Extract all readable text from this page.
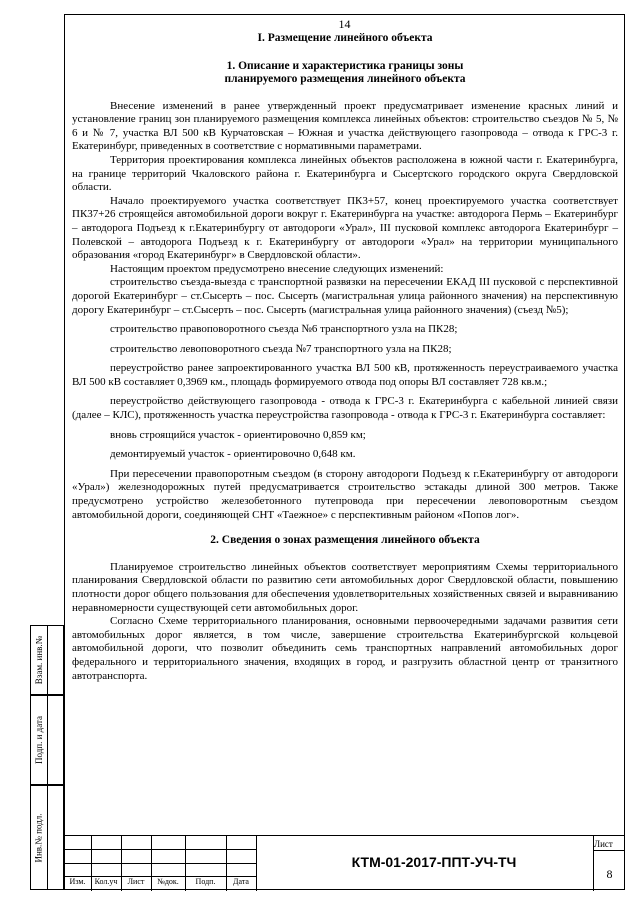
14
I. Размещение линейного объекта
1. Описание и характеристика границы зоны планируемого размещения линейного объекта

Внесение изменений в ранее утвержденный проект предусматривает изменение красных линий и установление границ зон планируемого размещения комплекса линейных объектов: строительство съездов № 5, № 6 и № 7, участка ВЛ 500 кВ Курчатовская – Южная и участка действующего газопровода – отвода к ГРС-3 г. Екатеринбург, приведенных в соответствие с нормативными параметрами.

Территория проектирования комплекса линейных объектов расположена в южной части г. Екатеринбурга, на границе территорий Чкаловского района г. Екатеринбурга и Сысертского городского округа Свердловской области.

Начало проектируемого участка соответствует ПК3+57, конец проектируемого участка соответствует ПК37+26 строящейся автомобильной дороги вокруг г. Екатеринбурга на участке: автодорога Пермь – Екатеринбург – автодорога Подъезд к г.Екатеринбургу от автодороги «Урал», III пусковой комплекс автодорога Екатеринбург – Полевской – автодорога Подъезд к г. Екатеринбургу от автодороги «Урал» на территории муниципального образования «город Екатеринбург» в Свердловской области».

Настоящим проектом предусмотрено внесение следующих изменений:

строительство съезда-выезда с транспортной развязки на пересечении ЕКАД III пусковой с перспективной дорогой Екатеринбург – ст.Сысерть – пос. Сысерть (магистральная улица районного значения) на перспективную дорогу Екатеринбург – ст.Сысерть – пос. Сысерть (магистральная улица районного значения) (съезд №5);

строительство правоповоротного съезда №6 транспортного узла на ПК28;

строительство левоповоротного съезда №7 транспортного узла на ПК28;

переустройство ранее запроектированного участка ВЛ 500 кВ, протяженность переустраиваемого участка ВЛ 500 кВ составляет 0,3969 км., площадь формируемого отвода под опоры ВЛ составляет 728 кв.м.;

переустройство действующего газопровода - отвода к ГРС-3 г. Екатеринбурга с кабельной линией связи (далее – КЛС), протяженность участка переустройства газопровода - отвода к ГРС-3 г. Екатеринбурга составляет:

вновь строящийся участок - ориентировочно 0,859 км;

демонтируемый участок - ориентировочно 0,648 км.

При пересечении правопоротным съездом (в сторону автодороги Подъезд к г.Екатеринбургу от автодороги «Урал») железнодорожных путей предусматривается строительство эстакады длиной 300 метров. Также предусмотрено устройство железобетонного путепровода при пересечении левоповоротным съездом автомобильной дороги, соединяющей СНТ «Таежное» с перспективным районом «Попов лог».

2. Сведения о зонах размещения линейного объекта

Планируемое строительство линейных объектов соответствует мероприятиям Схемы территориального планирования Свердловской области по развитию сети автомобильных дорог Свердловской области, повышению плотности дорог общего пользования для обеспечения удовлетворительных хозяйственных связей и выравниванию неравномерности существующей сети автомобильных дорог.

Согласно Схеме территориального планирования, основными первоочередными задачами развития сети автомобильных дорог является, в том числе, завершение строительства Екатеринбургской кольцевой автомобильной дороги, что позволит объединить семь транспортных направлений автомобильных дорог федерального и территориального значения, входящих в город, и разгрузить областной центр от транзитного автотранспорта.

Взам. инв.№
Подп. и дата
Инв.№ подл.
Изм.	Кол.уч	Лист	№док.	Подп.	Дата
КТМ-01-2017-ППТ-УЧ-ТЧ
Лист
8
